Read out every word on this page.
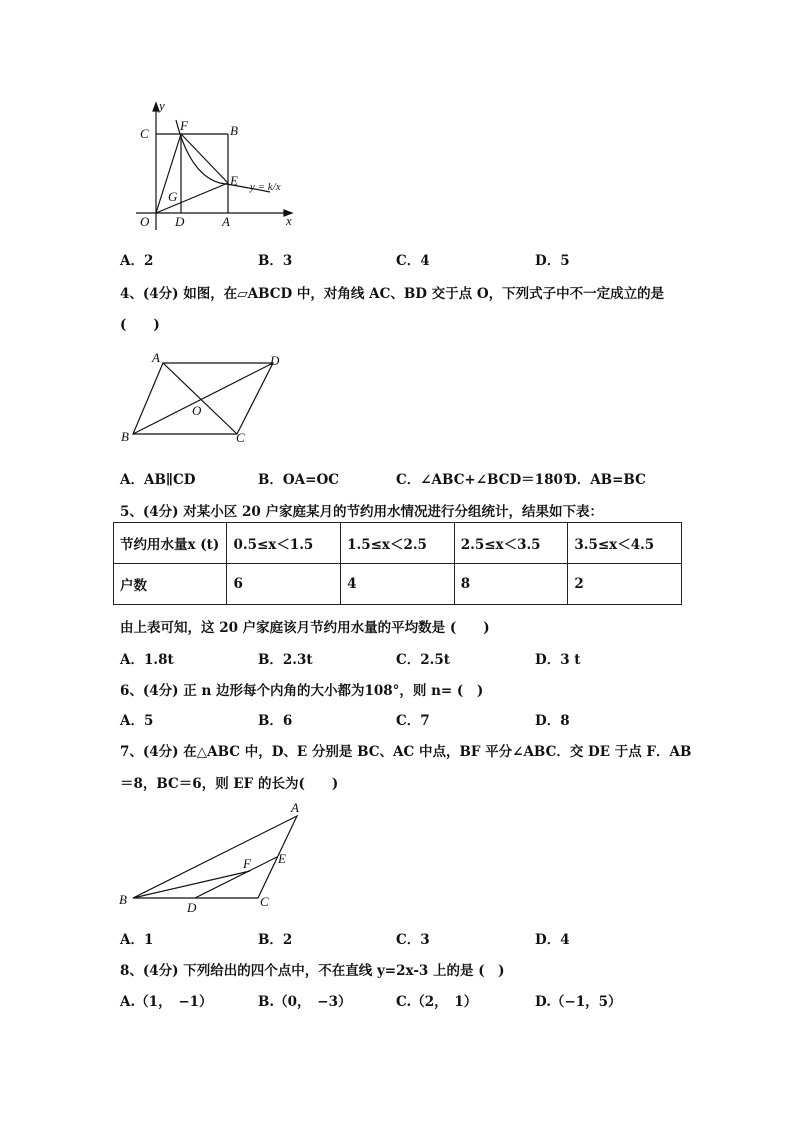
y
x
C
F	B
E
G
O D	A
y = k/x
A．2	B．3	C．4	D．5
4、(4分) 如图，在▱ABCD 中，对角线 AC、BD 交于点 O，下列式子中不一定成立的是
(　　)
A	D
O
B	C
A．AB∥CD	B．OA=OC	C．∠ABC+∠BCD＝180°
D．AB=BC
5、(4分) 对某小区 20 户家庭某月的节约用水情况进行分组统计，结果如下表：
节约用水量x (t)	0.5≤x＜1.5	1.5≤x＜2.5	2.5≤x＜3.5	3.5≤x＜4.5
户数	6	4	8	2
由上表可知，这 20 户家庭该月节约用水量的平均数是 (　　)
A．1.8t	B．2.3t	C．2.5t	D．3 t
6、(4分) 正 n 边形每个内角的大小都为108°，则 n= (　)
A．5	B．6	C．7	D．8
7、(4分) 在△ABC 中，D、E 分别是 BC、AC 中点，BF 平分∠ABC．交 DE 于点 F．AB
＝8，BC＝6，则 EF 的长为(　　)
A
F E
B
D	C
A．1	B．2	C．3	D．4
8、(4分) 下列给出的四个点中，不在直线 y=2x-3 上的是 (　)
A.（1，　−1）	B.（0，　−3）	C.（2，　1）	D.（−1，5）
